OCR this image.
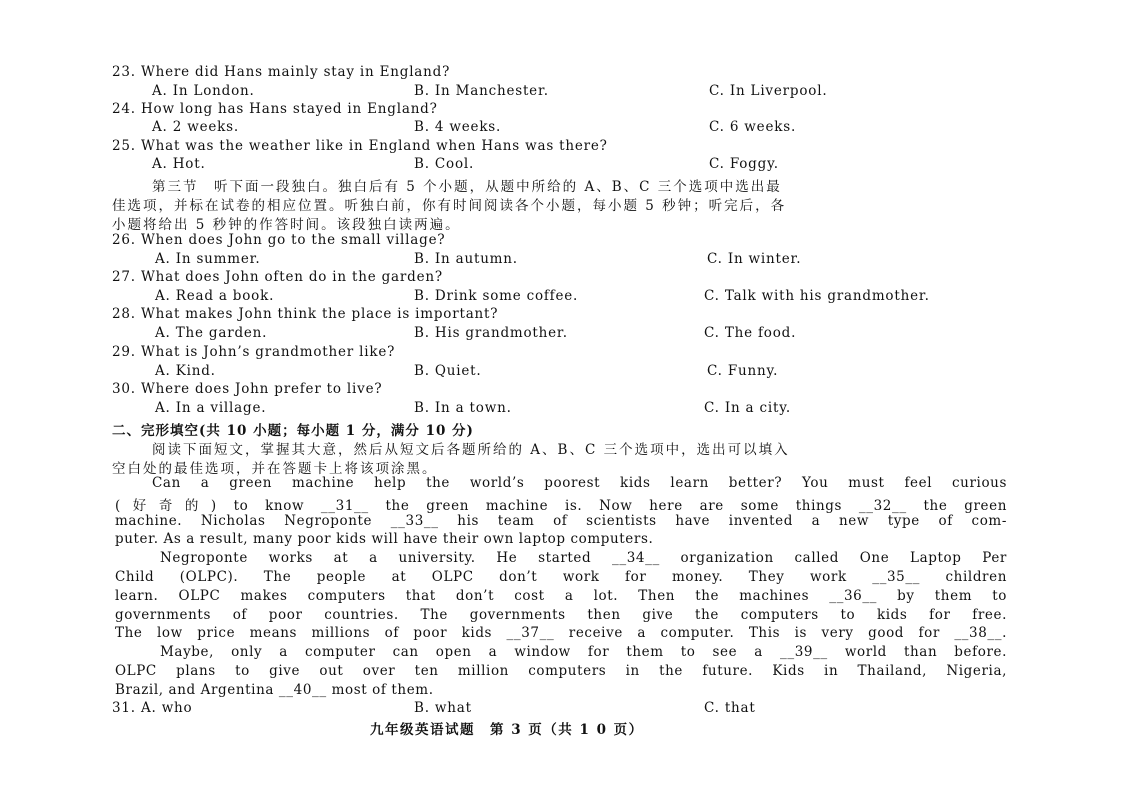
23. Where did Hans mainly stay in England?
A. In London.	B. In Manchester.	C. In Liverpool.
24. How long has Hans stayed in England?
A. 2 weeks.	B. 4 weeks.	C. 6 weeks.
25. What was the weather like in England when Hans was there?
A. Hot.	B. Cool.	C. Foggy.
第三节　听下面一段独白。独白后有 5 个小题，从题中所给的 A、B、C 三个选项中选出最
佳选项，并标在试卷的相应位置。听独白前，你有时间阅读各个小题，每小题 5 秒钟；听完后，各
小题将给出 5 秒钟的作答时间。该段独白读两遍。
26. When does John go to the small village?
A. In summer.	B. In autumn.	C. In winter.
27. What does John often do in the garden?
A. Read a book.	B. Drink some coffee.	C. Talk with his grandmother.
28. What makes John think the place is important?
A. The garden.	B. His grandmother.	C. The food.
29. What is John’s grandmother like?
A. Kind.	B. Quiet.	C. Funny.
30. Where does John prefer to live?
A. In a village.	B. In a town.	C. In a city.
二、完形填空(共 10 小题；每小题 1 分，满分 10 分)
阅读下面短文，掌握其大意，然后从短文后各题所给的 A、B、C 三个选项中，选出可以填入
空白处的最佳选项，并在答题卡上将该项涂黑。
Can a green machine help the world’s poorest kids learn better? You must feel curious
(好奇的) to know __31__ the green machine is. Now here are some things __32__ the green
machine. Nicholas Negroponte __33__ his team of scientists have invented a new type of com-
puter. As a result, many poor kids will have their own laptop computers.
Negroponte works at a university. He started __34__ organization called One Laptop Per
Child (OLPC). The people at OLPC don’t work for money. They work __35__ children
learn. OLPC makes computers that don’t cost a lot. Then the machines __36__ by them to
governments of poor countries. The governments then give the computers to kids for free.
The low price means millions of poor kids __37__ receive a computer. This is very good for __38__.
Maybe, only a computer can open a window for them to see a __39__ world than before.
OLPC plans to give out over ten million computers in the future. Kids in Thailand, Nigeria,
Brazil, and Argentina __40__ most of them.
31. A. who	B. what	C. that
九年级英语试题　第 3 页（共 1 0 页）
